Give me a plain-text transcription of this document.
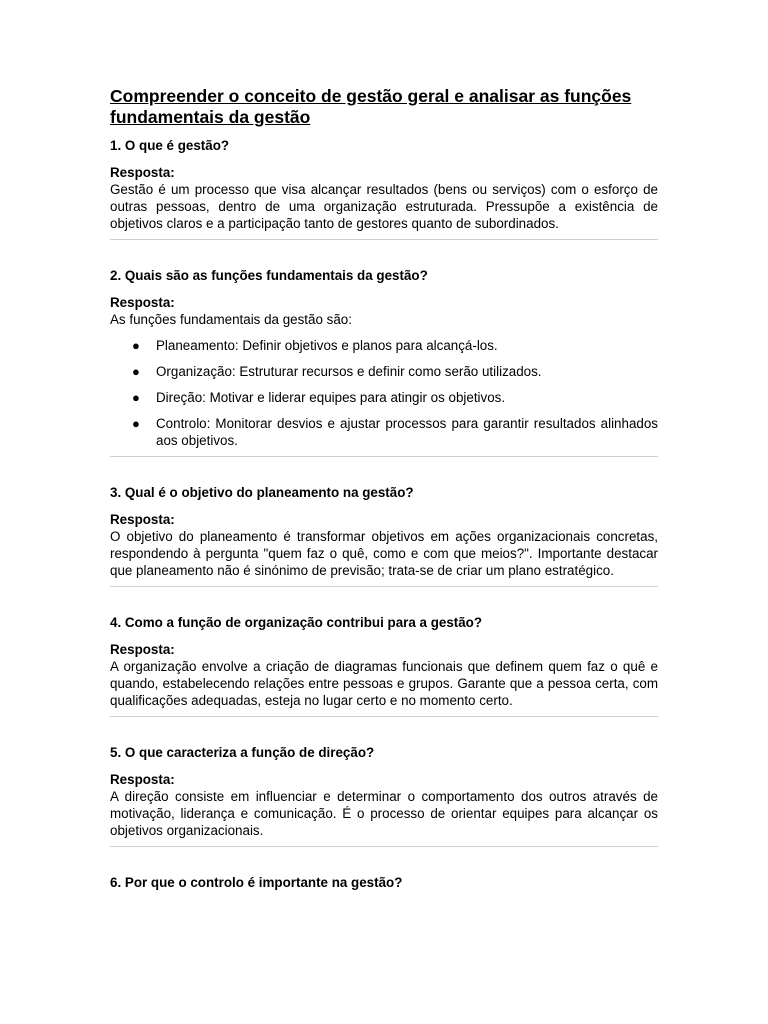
Compreender o conceito de gestão geral e analisar as funções fundamentais da gestão

1. O que é gestão?

Resposta:

Gestão é um processo que visa alcançar resultados (bens ou serviços) com o esforço de outras pessoas, dentro de uma organização estruturada. Pressupõe a existência de objetivos claros e a participação tanto de gestores quanto de subordinados.

2. Quais são as funções fundamentais da gestão?

Resposta:

As funções fundamentais da gestão são:

● Planeamento: Definir objetivos e planos para alcançá-los.
● Organização: Estruturar recursos e definir como serão utilizados.
● Direção: Motivar e liderar equipes para atingir os objetivos.
● Controlo: Monitorar desvios e ajustar processos para garantir resultados alinhados aos objetivos.

3. Qual é o objetivo do planeamento na gestão?

Resposta:

O objetivo do planeamento é transformar objetivos em ações organizacionais concretas, respondendo à pergunta "quem faz o quê, como e com que meios?". Importante destacar que planeamento não é sinónimo de previsão; trata-se de criar um plano estratégico.

4. Como a função de organização contribui para a gestão?

Resposta:

A organização envolve a criação de diagramas funcionais que definem quem faz o quê e quando, estabelecendo relações entre pessoas e grupos. Garante que a pessoa certa, com qualificações adequadas, esteja no lugar certo e no momento certo.

5. O que caracteriza a função de direção?

Resposta:

A direção consiste em influenciar e determinar o comportamento dos outros através de motivação, liderança e comunicação. É o processo de orientar equipes para alcançar os objetivos organizacionais.

6. Por que o controlo é importante na gestão?
